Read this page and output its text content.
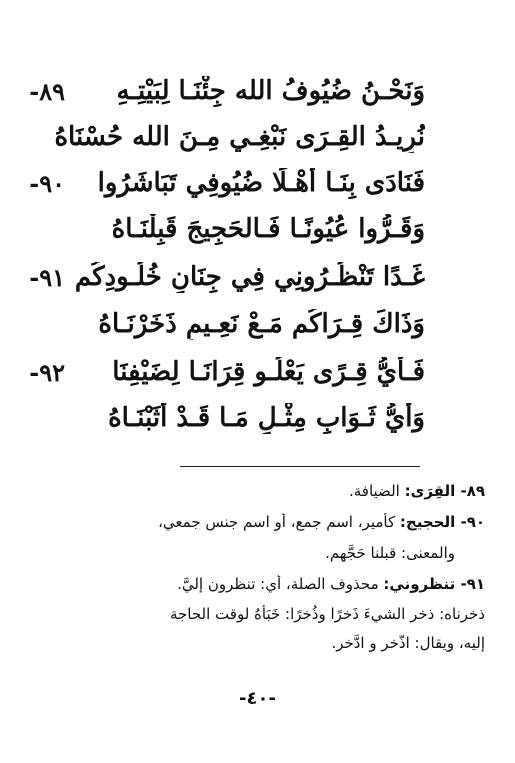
٨٩-	وَنَحْـنُ ضُيُوفُ الله جِئْنَـا لِبَيْتِـهِ
نُرِيـدُ القِـرَى نَبْغِـي مِـنَ الله حُسْنَاهُ
٩٠-	فَنَادَى بِنَـا أَهْـلًا ضُيُوفِي تَبَاشَرُوا
وَقَـرُّوا عُيُونًـا فَـالحَجِيجَ قَبِلْنَـاهُ
٩١- غَـدًا تَنْظُـرُونِي فِي جِنَانِ خُلُـودِكُم
وَذَاكَ قِـرَاكُم مَـعْ نَعِـيمٍ ذَخَرْنَـاهُ
٩٢-	فَـأَيُّ قِـرًى يَعْلُـو قِرَانَـا لِضَيْفِنَا
وَأَيُّ ثَـوَابٍ مِثْـلِ مَـا قَـدْ أَثَبْنَـاهُ
٨٩- القِرَى: الضيافة.
٩٠- الحجيج: كأمير، اسم جمع، أو اسم جنس جمعي،
والمعنى: قبلنا حَجَّهم.
٩١- تنظروني: محذوف الصلة، أي: تنظرون إليَّ.
ذخرناه: ذخر الشيءَ ذَخرًا وذُخرًا: خَبَأَهُ لوقت الحاجة
إليه، ويقال: اذَّخر و ادَّخر.
-٤٠-
